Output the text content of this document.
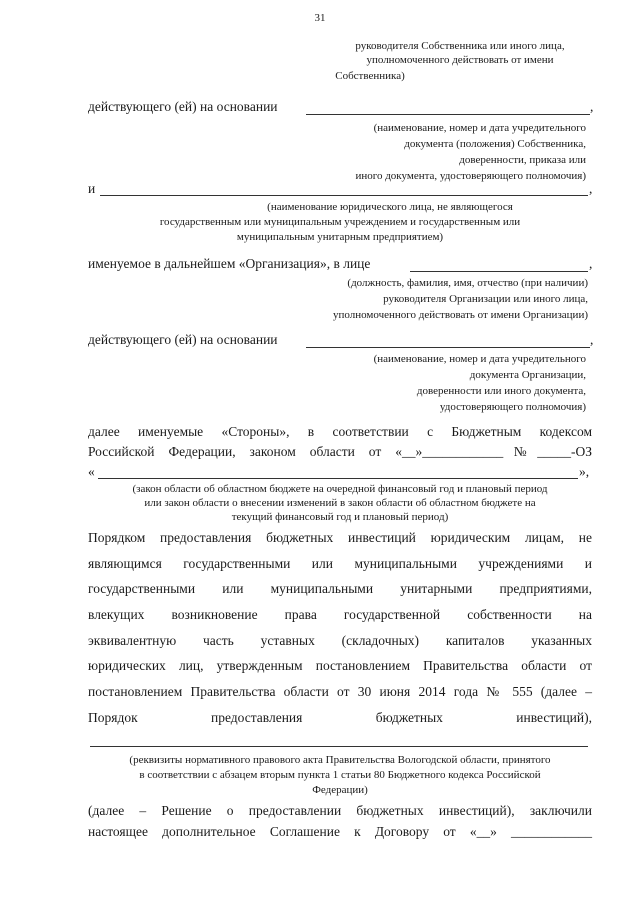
31
руководителя Собственника или иного лица,
уполномоченного действовать от имени
Собственника)
действующего (ей) на основании	,
(наименование, номер и дата учредительного
документа (положения) Собственника,
доверенности, приказа или
иного документа, удостоверяющего полномочия)
и	,
(наименование юридического лица, не являющегося
государственным или муниципальным учреждением и государственным или
муниципальным унитарным предприятием)
именуемое в дальнейшем «Организация», в лице	,
(должность, фамилия, имя, отчество (при наличии)
руководителя Организации или иного лица,
уполномоченного действовать от имени Организации)
действующего (ей) на основании	,
(наименование, номер и дата учредительного
документа Организации,
доверенности или иного документа,
удостоверяющего полномочия)
далее именуемые «Стороны», в соответствии с Бюджетным кодексом
Российской Федерации, законом области от «__»____________№_____-ОЗ
«	»,
(закон области об областном бюджете на очередной финансовый год и плановый период
или закон области о внесении изменений в закон области об областном бюджете на
текущий финансовый год и плановый период)
Порядком предоставления бюджетных инвестиций юридическим лицам, не
являющимся государственными или муниципальными учреждениями и
государственными или муниципальными унитарными предприятиями,
влекущих возникновение права государственной собственности на
эквивалентную часть уставных (складочных) капиталов указанных
юридических лиц, утвержденным постановлением Правительства области от
постановлением Правительства области от 30 июня 2014 года № 555 (далее –
Порядок предоставления бюджетных инвестиций),
(реквизиты нормативного правового акта Правительства Вологодской области, принятого
в соответствии с абзацем вторым пункта 1 статьи 80 Бюджетного кодекса Российской
Федерации)
(далее – Решение о предоставлении бюджетных инвестиций), заключили
настоящее дополнительное Соглашение к Договору от «__» ____________
